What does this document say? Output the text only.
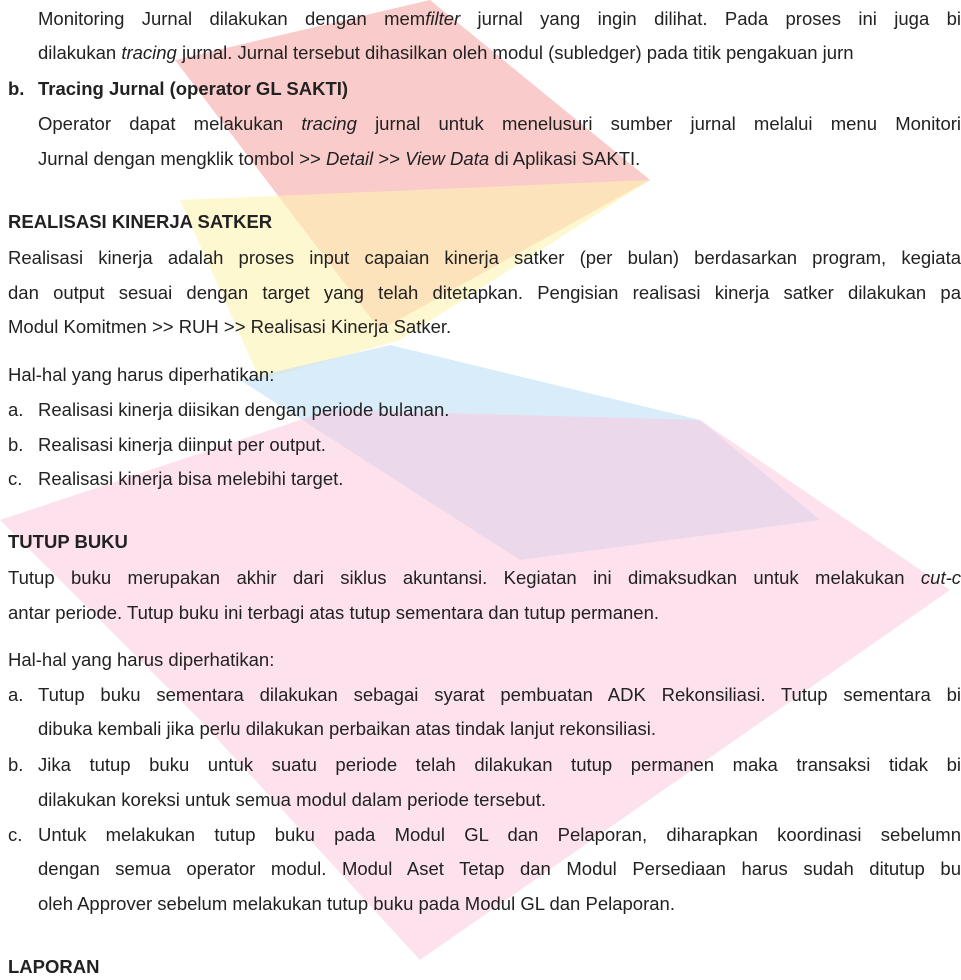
Monitoring Jurnal dilakukan dengan memfilter jurnal yang ingin dilihat. Pada proses ini juga bi
dilakukan tracing jurnal. Jurnal tersebut dihasilkan oleh modul (subledger) pada titik pengakuan jurn
b. Tracing Jurnal (operator GL SAKTI)
Operator dapat melakukan tracing jurnal untuk menelusuri sumber jurnal melalui menu Monitori
Jurnal dengan mengklik tombol >> Detail >> View Data di Aplikasi SAKTI.
REALISASI KINERJA SATKER
Realisasi kinerja adalah proses input capaian kinerja satker (per bulan) berdasarkan program, kegiata
dan output sesuai dengan target yang telah ditetapkan. Pengisian realisasi kinerja satker dilakukan pa
Modul Komitmen >> RUH >> Realisasi Kinerja Satker.
Hal-hal yang harus diperhatikan:
a. Realisasi kinerja diisikan dengan periode bulanan.
b. Realisasi kinerja diinput per output.
c. Realisasi kinerja bisa melebihi target.
TUTUP BUKU
Tutup buku merupakan akhir dari siklus akuntansi. Kegiatan ini dimaksudkan untuk melakukan cut-c
antar periode. Tutup buku ini terbagi atas tutup sementara dan tutup permanen.
Hal-hal yang harus diperhatikan:
a. Tutup buku sementara dilakukan sebagai syarat pembuatan ADK Rekonsiliasi. Tutup sementara bi
dibuka kembali jika perlu dilakukan perbaikan atas tindak lanjut rekonsiliasi.
b. Jika tutup buku untuk suatu periode telah dilakukan tutup permanen maka transaksi tidak bi
dilakukan koreksi untuk semua modul dalam periode tersebut.
c. Untuk melakukan tutup buku pada Modul GL dan Pelaporan, diharapkan koordinasi sebelumn
dengan semua operator modul. Modul Aset Tetap dan Modul Persediaan harus sudah ditutup bu
oleh Approver sebelum melakukan tutup buku pada Modul GL dan Pelaporan.
LAPORAN
